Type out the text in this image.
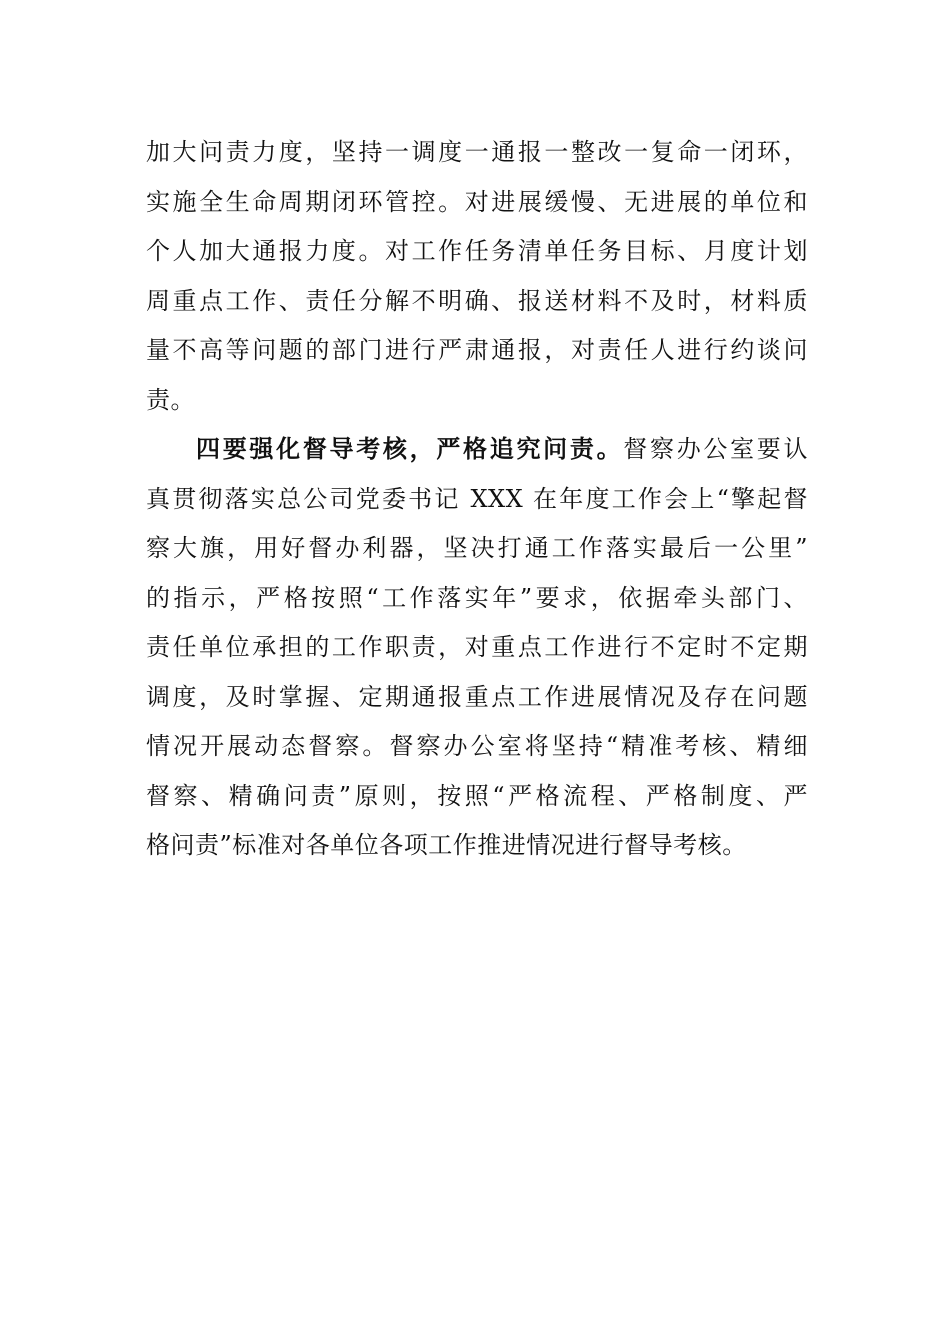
加大问责力度，坚持一调度一通报一整改一复命一闭环，
实施全生命周期闭环管控。对进展缓慢、无进展的单位和
个人加大通报力度。对工作任务清单任务目标、月度计划
周重点工作、责任分解不明确、报送材料不及时，材料质
量不高等问题的部门进行严肃通报，对责任人进行约谈问
责。
四要强化督导考核，严格追究问责。督察办公室要认
真贯彻落实总公司党委书记 XXX 在年度工作会上“擎起督
察大旗，用好督办利器，坚决打通工作落实最后一公里”
的指示，严格按照“工作落实年”要求，依据牵头部门、
责任单位承担的工作职责，对重点工作进行不定时不定期
调度，及时掌握、定期通报重点工作进展情况及存在问题
情况开展动态督察。督察办公室将坚持“精准考核、精细
督察、精确问责”原则，按照“严格流程、严格制度、严
格问责”标准对各单位各项工作推进情况进行督导考核。
